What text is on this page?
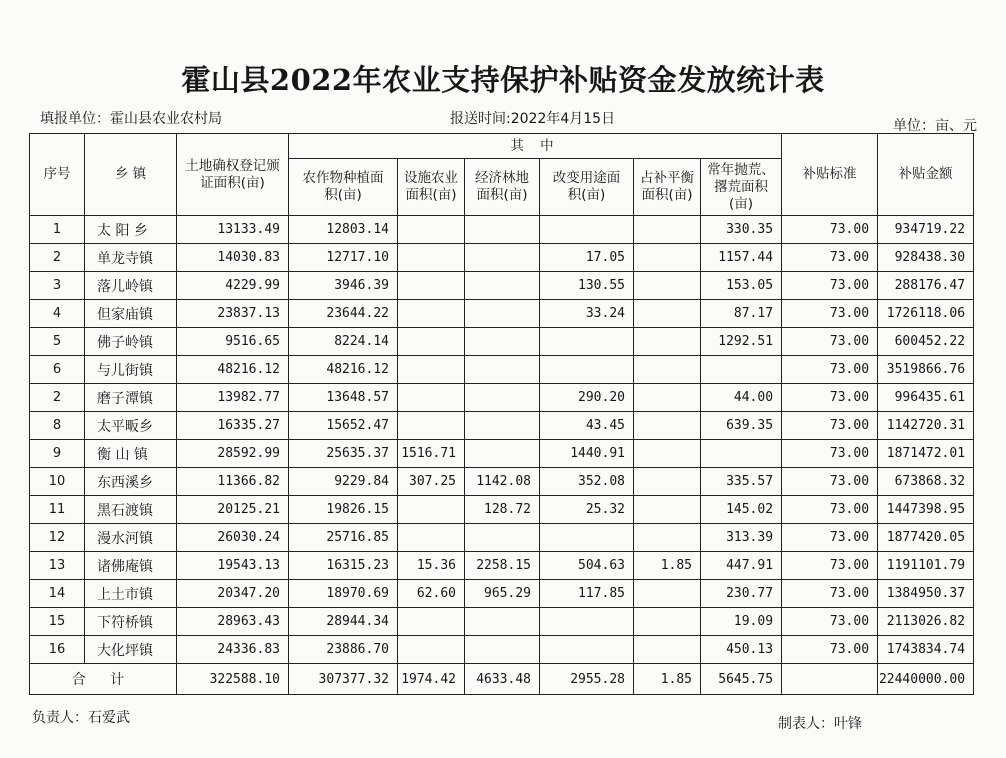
霍山县2022年农业支持保护补贴资金发放统计表
填报单位：霍山县农业农村局	报送时间:2022年4月15日	单位：亩、元
序号	乡 镇	土地确权登记颁证面积(亩)	其 中						补贴标准	补贴金额
			农作物种植面积(亩)	设施农业面积(亩)	经济林地面积(亩)	改变用途面积(亩)	占补平衡面积(亩)	常年抛荒、撂荒面积(亩)		
1	太 阳 乡	13133.49	12803.14					330.35	73.00	934719.22
2	单龙寺镇	14030.83	12717.10			17.05		1157.44	73.00	928438.30
3	落儿岭镇	4229.99	3946.39			130.55		153.05	73.00	288176.47
4	但家庙镇	23837.13	23644.22			33.24		87.17	73.00	1726118.06
5	佛子岭镇	9516.65	8224.14					1292.51	73.00	600452.22
6	与儿街镇	48216.12	48216.12						73.00	3519866.76
2	磨子潭镇	13982.77	13648.57			290.20		44.00	73.00	996435.61
8	太平畈乡	16335.27	15652.47			43.45		639.35	73.00	1142720.31
9	衡 山 镇	28592.99	25635.37	1516.71		1440.91			73.00	1871472.01
10	东西溪乡	11366.82	9229.84	307.25	1142.08	352.08		335.57	73.00	673868.32
11	黑石渡镇	20125.21	19826.15		128.72	25.32		145.02	73.00	1447398.95
12	漫水河镇	26030.24	25716.85					313.39	73.00	1877420.05
13	诸佛庵镇	19543.13	16315.23	15.36	2258.15	504.63	1.85	447.91	73.00	1191101.79
14	上土市镇	20347.20	18970.69	62.60	965.29	117.85		230.77	73.00	1384950.37
15	下符桥镇	28963.43	28944.34					19.09	73.00	2113026.82
16	大化坪镇	24336.83	23886.70					450.13	73.00	1743834.74
合 计		322588.10	307377.32	1974.42	4633.48	2955.28	1.85	5645.75		22440000.00
负责人：石爱武	制表人：叶锋
